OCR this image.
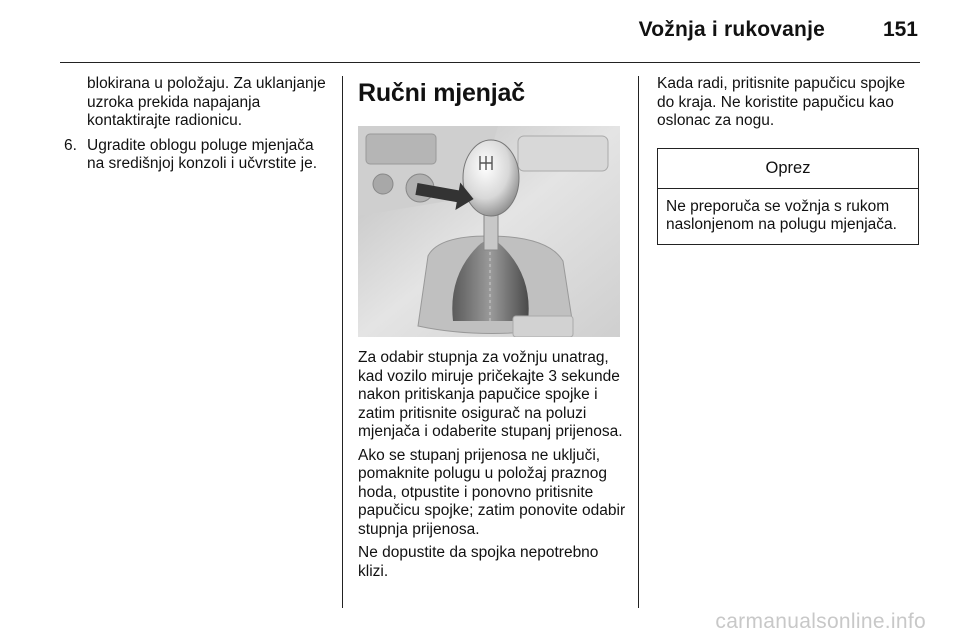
Vožnja i rukovanje	151
blokirana u položaju. Za uklanjanje uzroka prekida napajanja kontaktirajte radionicu.
6. Ugradite oblogu poluge mjenjača na središnjoj konzoli i učvrstite je.
Ručni mjenjač
Za odabir stupnja za vožnju unatrag, kad vozilo miruje pričekajte 3 sekunde nakon pritiskanja papučice spojke i zatim pritisnite osigurač na poluzi mjenjača i odaberite stupanj prijenosa.
Ako se stupanj prijenosa ne uključi, pomaknite polugu u položaj praznog hoda, otpustite i ponovno pritisnite papučicu spojke; zatim ponovite odabir stupnja prijenosa.
Ne dopustite da spojka nepotrebno klizi.
Kada radi, pritisnite papučicu spojke do kraja. Ne koristite papučicu kao oslonac za nogu.
Oprez
Ne preporuča se vožnja s rukom naslonjenom na polugu mjenjača.
carmanualsonline.info
